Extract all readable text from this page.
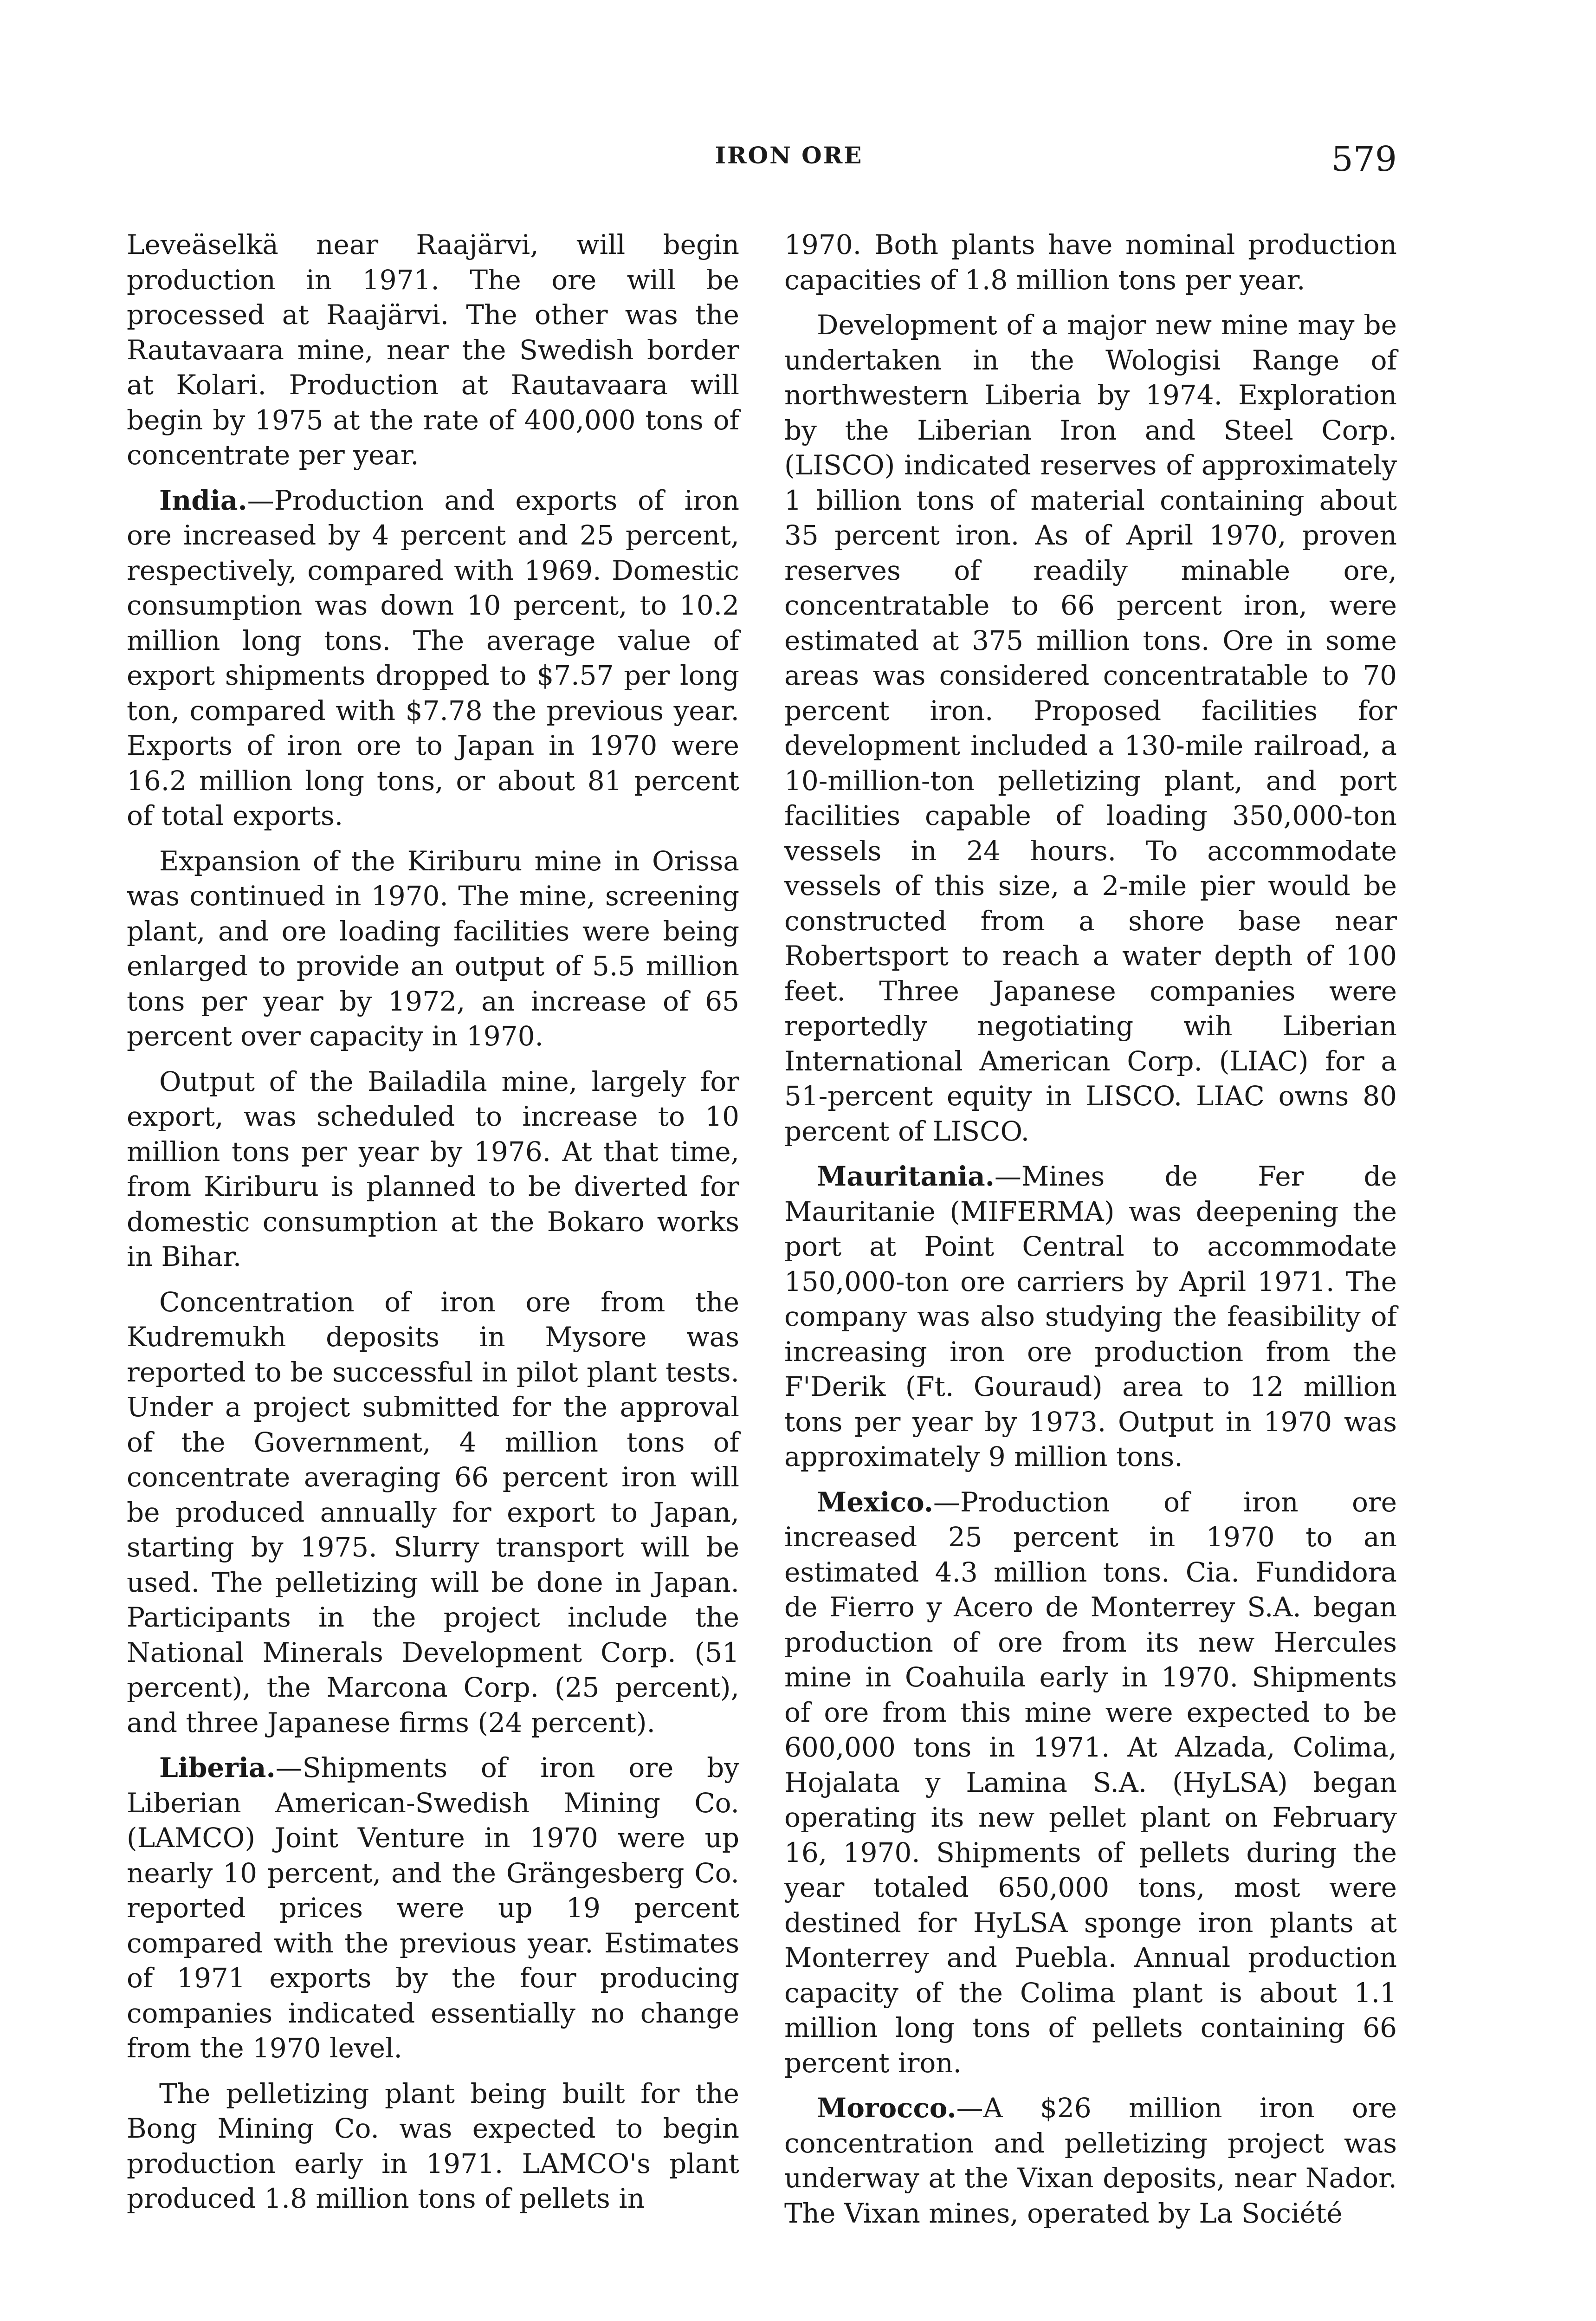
IRON ORE	579

Leveäselkä near Raajärvi, will begin production in 1971. The ore will be processed at Raajärvi. The other was the Rautavaara mine, near the Swedish border at Kolari. Production at Rautavaara will begin by 1975 at the rate of 400,000 tons of concentrate per year.

India.—Production and exports of iron ore increased by 4 percent and 25 percent, respectively, compared with 1969. Domestic consumption was down 10 percent, to 10.2 million long tons. The average value of export shipments dropped to $7.57 per long ton, compared with $7.78 the previous year. Exports of iron ore to Japan in 1970 were 16.2 million long tons, or about 81 percent of total exports.

Expansion of the Kiriburu mine in Orissa was continued in 1970. The mine, screening plant, and ore loading facilities were being enlarged to provide an output of 5.5 million tons per year by 1972, an increase of 65 percent over capacity in 1970.

Output of the Bailadila mine, largely for export, was scheduled to increase to 10 million tons per year by 1976. At that time, from Kiriburu is planned to be diverted for domestic consumption at the Bokaro works in Bihar.

Concentration of iron ore from the Kudremukh deposits in Mysore was reported to be successful in pilot plant tests. Under a project submitted for the approval of the Government, 4 million tons of concentrate averaging 66 percent iron will be produced annually for export to Japan, starting by 1975. Slurry transport will be used. The pelletizing will be done in Japan. Participants in the project include the National Minerals Development Corp. (51 percent), the Marcona Corp. (25 percent), and three Japanese firms (24 percent).

Liberia.—Shipments of iron ore by Liberian American-Swedish Mining Co. (LAMCO) Joint Venture in 1970 were up nearly 10 percent, and the Grängesberg Co. reported prices were up 19 percent compared with the previous year. Estimates of 1971 exports by the four producing companies indicated essentially no change from the 1970 level.

The pelletizing plant being built for the Bong Mining Co. was expected to begin production early in 1971. LAMCO's plant produced 1.8 million tons of pellets in

1970. Both plants have nominal production capacities of 1.8 million tons per year.

Development of a major new mine may be undertaken in the Wologisi Range of northwestern Liberia by 1974. Exploration by the Liberian Iron and Steel Corp. (LISCO) indicated reserves of approximately 1 billion tons of material containing about 35 percent iron. As of April 1970, proven reserves of readily minable ore, concentratable to 66 percent iron, were estimated at 375 million tons. Ore in some areas was considered concentratable to 70 percent iron. Proposed facilities for development included a 130-mile railroad, a 10-million-ton pelletizing plant, and port facilities capable of loading 350,000-ton vessels in 24 hours. To accommodate vessels of this size, a 2-mile pier would be constructed from a shore base near Robertsport to reach a water depth of 100 feet. Three Japanese companies were reportedly negotiating wih Liberian International American Corp. (LIAC) for a 51-percent equity in LISCO. LIAC owns 80 percent of LISCO.

Mauritania.—Mines de Fer de Mauritanie (MIFERMA) was deepening the port at Point Central to accommodate 150,000-ton ore carriers by April 1971. The company was also studying the feasibility of increasing iron ore production from the F'Derik (Ft. Gouraud) area to 12 million tons per year by 1973. Output in 1970 was approximately 9 million tons.

Mexico.—Production of iron ore increased 25 percent in 1970 to an estimated 4.3 million tons. Cia. Fundidora de Fierro y Acero de Monterrey S.A. began production of ore from its new Hercules mine in Coahuila early in 1970. Shipments of ore from this mine were expected to be 600,000 tons in 1971. At Alzada, Colima, Hojalata y Lamina S.A. (HyLSA) began operating its new pellet plant on February 16, 1970. Shipments of pellets during the year totaled 650,000 tons, most were destined for HyLSA sponge iron plants at Monterrey and Puebla. Annual production capacity of the Colima plant is about 1.1 million long tons of pellets containing 66 percent iron.

Morocco.—A $26 million iron ore concentration and pelletizing project was underway at the Vixan deposits, near Nador. The Vixan mines, operated by La Société
